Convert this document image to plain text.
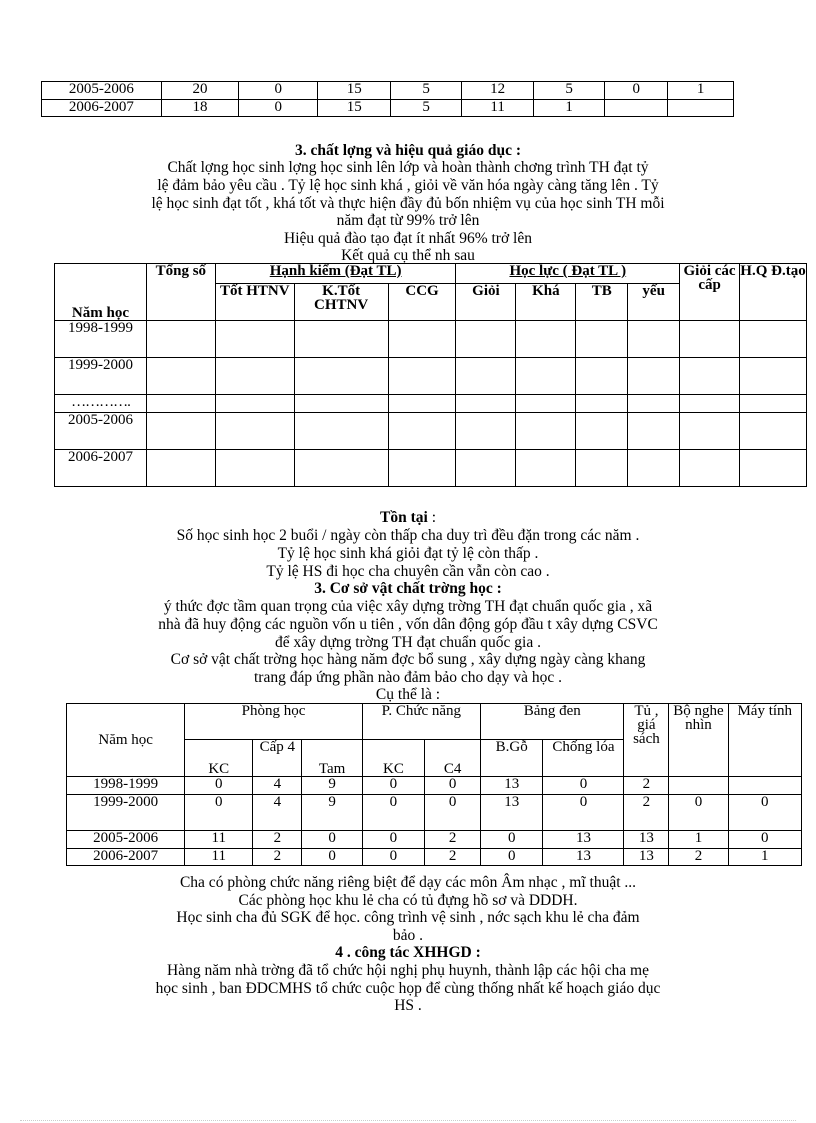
2005-2006	20	0	15	5	12	5	0	1
2006-2007	18	0	15	5	11	1		
3. chất lợng và hiệu quả giáo dục :
Chất lợng học sinh lợng học sinh lên lớp và hoàn thành chơng trình TH đạt tỷ
lệ đảm bảo yêu cầu . Tỷ lệ học sinh khá , giỏi về văn hóa ngày càng tăng lên . Tỷ
lệ học sinh đạt tốt , khá tốt và thực hiện đầy đủ bốn nhiệm vụ của học sinh TH mỗi
năm đạt từ 99% trở lên
Hiệu quả đào tạo đạt ít nhất 96% trở lên
Kết quả cụ thể nh sau
Năm học	Tổng số	Hạnh kiểm (Đạt TL)			Học lực ( Đạt TL )				Giỏi các cấp	H.Q Đ.tạo
		Tốt HTNV	K.Tốt CHTNV	CCG	Giỏi	Khá	TB	yếu		
1998-1999										
1999-2000										
………….										
2005-2006										
2006-2007										
Tồn tại :
Số học sinh học 2 buổi / ngày còn thấp cha duy trì đều đặn trong các năm .
Tỷ lệ học sinh khá giỏi đạt tỷ lệ còn thấp .
Tỷ lệ HS đi học cha chuyên cần vẫn còn cao .
3. Cơ sở vật chất trờng học :
ý thức đợc tầm quan trọng của việc xây dựng trờng TH đạt chuẩn quốc gia , xã
nhà đã huy động các nguồn vốn u tiên , vốn dân động góp đầu t xây dựng CSVC
để xây dựng trờng TH đạt chuẩn quốc gia .
Cơ sở vật chất trờng học hàng năm đợc bổ sung , xây dựng ngày càng khang
trang đáp ứng phần nào đảm bảo cho dạy và học .
Cụ thể là :
Năm học	Phòng học			P. Chức năng		Bảng đen		Tủ , giá sách	Bộ nghe nhìn	Máy tính
	KC	Cấp 4	Tam	KC	C4	B.Gỗ	Chống lóa			
1998-1999	0	4	9	0	0	13	0	2		
1999-2000	0	4	9	0	0	13	0	2	0	0
2005-2006	11	2	0	0	2	0	13	13	1	0
2006-2007	11	2	0	0	2	0	13	13	2	1
Cha có phòng chức năng riêng biệt để dạy các môn Âm nhạc , mĩ thuật ...
Các phòng học khu lẻ cha có tủ đựng hồ sơ và DDDH.
Học sinh cha đủ SGK để học. công trình vệ sinh , nớc sạch khu lẻ cha đảm
bảo .
4 . công tác XHHGD :
Hàng năm nhà trờng đã tổ chức hội nghị phụ huynh, thành lập các hội cha mẹ
học sinh , ban ĐDCMHS tổ chức cuộc họp để cùng thống nhất kế hoạch giáo dục
HS .
